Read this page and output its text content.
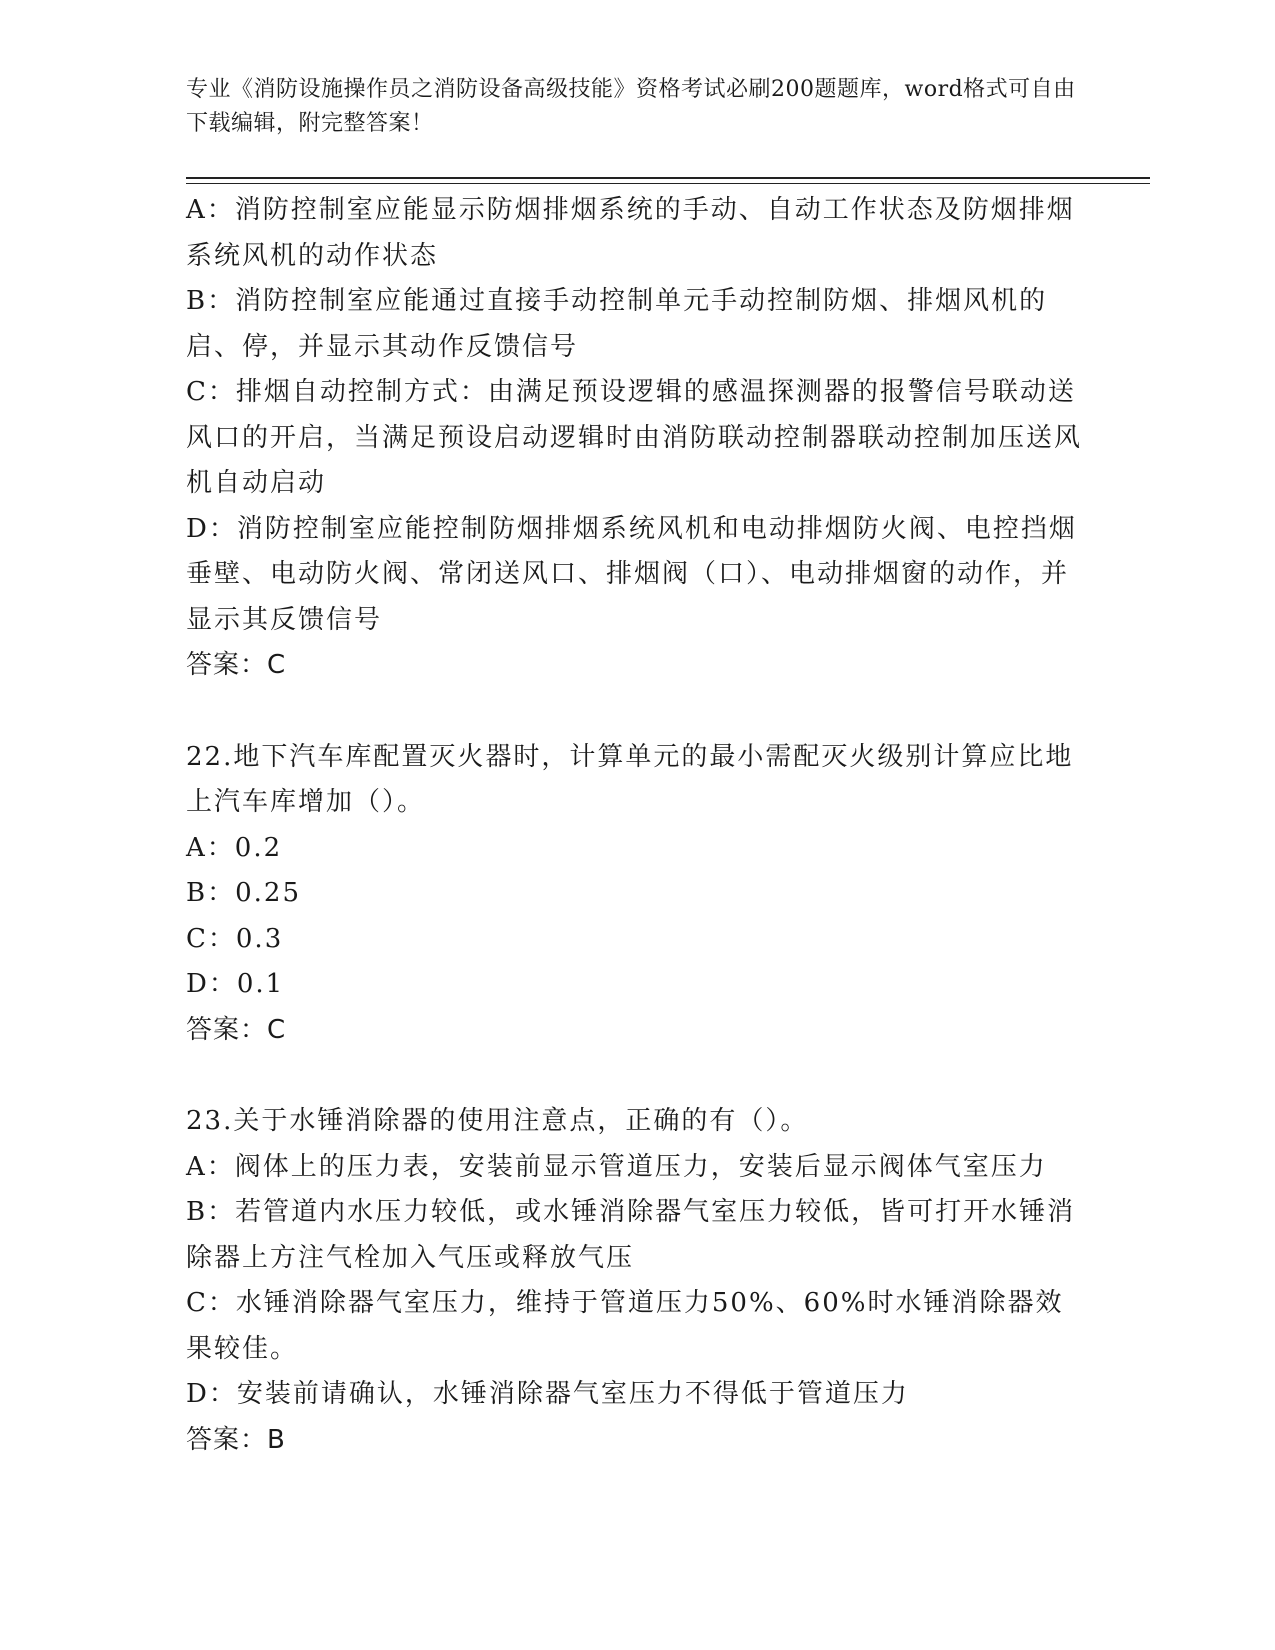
专业《消防设施操作员之消防设备高级技能》资格考试必刷200题题库，word格式可自由下载编辑，附完整答案！

A：消防控制室应能显示防烟排烟系统的手动、自动工作状态及防烟排烟系统风机的动作状态

B：消防控制室应能通过直接手动控制单元手动控制防烟、排烟风机的启、停，并显示其动作反馈信号

C：排烟自动控制方式：由满足预设逻辑的感温探测器的报警信号联动送风口的开启，当满足预设启动逻辑时由消防联动控制器联动控制加压送风机自动启动

D：消防控制室应能控制防烟排烟系统风机和电动排烟防火阀、电控挡烟垂壁、电动防火阀、常闭送风口、排烟阀（口）、电动排烟窗的动作，并显示其反馈信号

答案：C

22.地下汽车库配置灭火器时，计算单元的最小需配灭火级别计算应比地上汽车库增加（）。

A：0.2

B：0.25

C：0.3

D：0.1

答案：C

23.关于水锤消除器的使用注意点，正确的有（）。

A：阀体上的压力表，安装前显示管道压力，安装后显示阀体气室压力

B：若管道内水压力较低，或水锤消除器气室压力较低，皆可打开水锤消除器上方注气栓加入气压或释放气压

C：水锤消除器气室压力，维持于管道压力50%、60%时水锤消除器效果较佳。

D：安装前请确认，水锤消除器气室压力不得低于管道压力

答案：B
